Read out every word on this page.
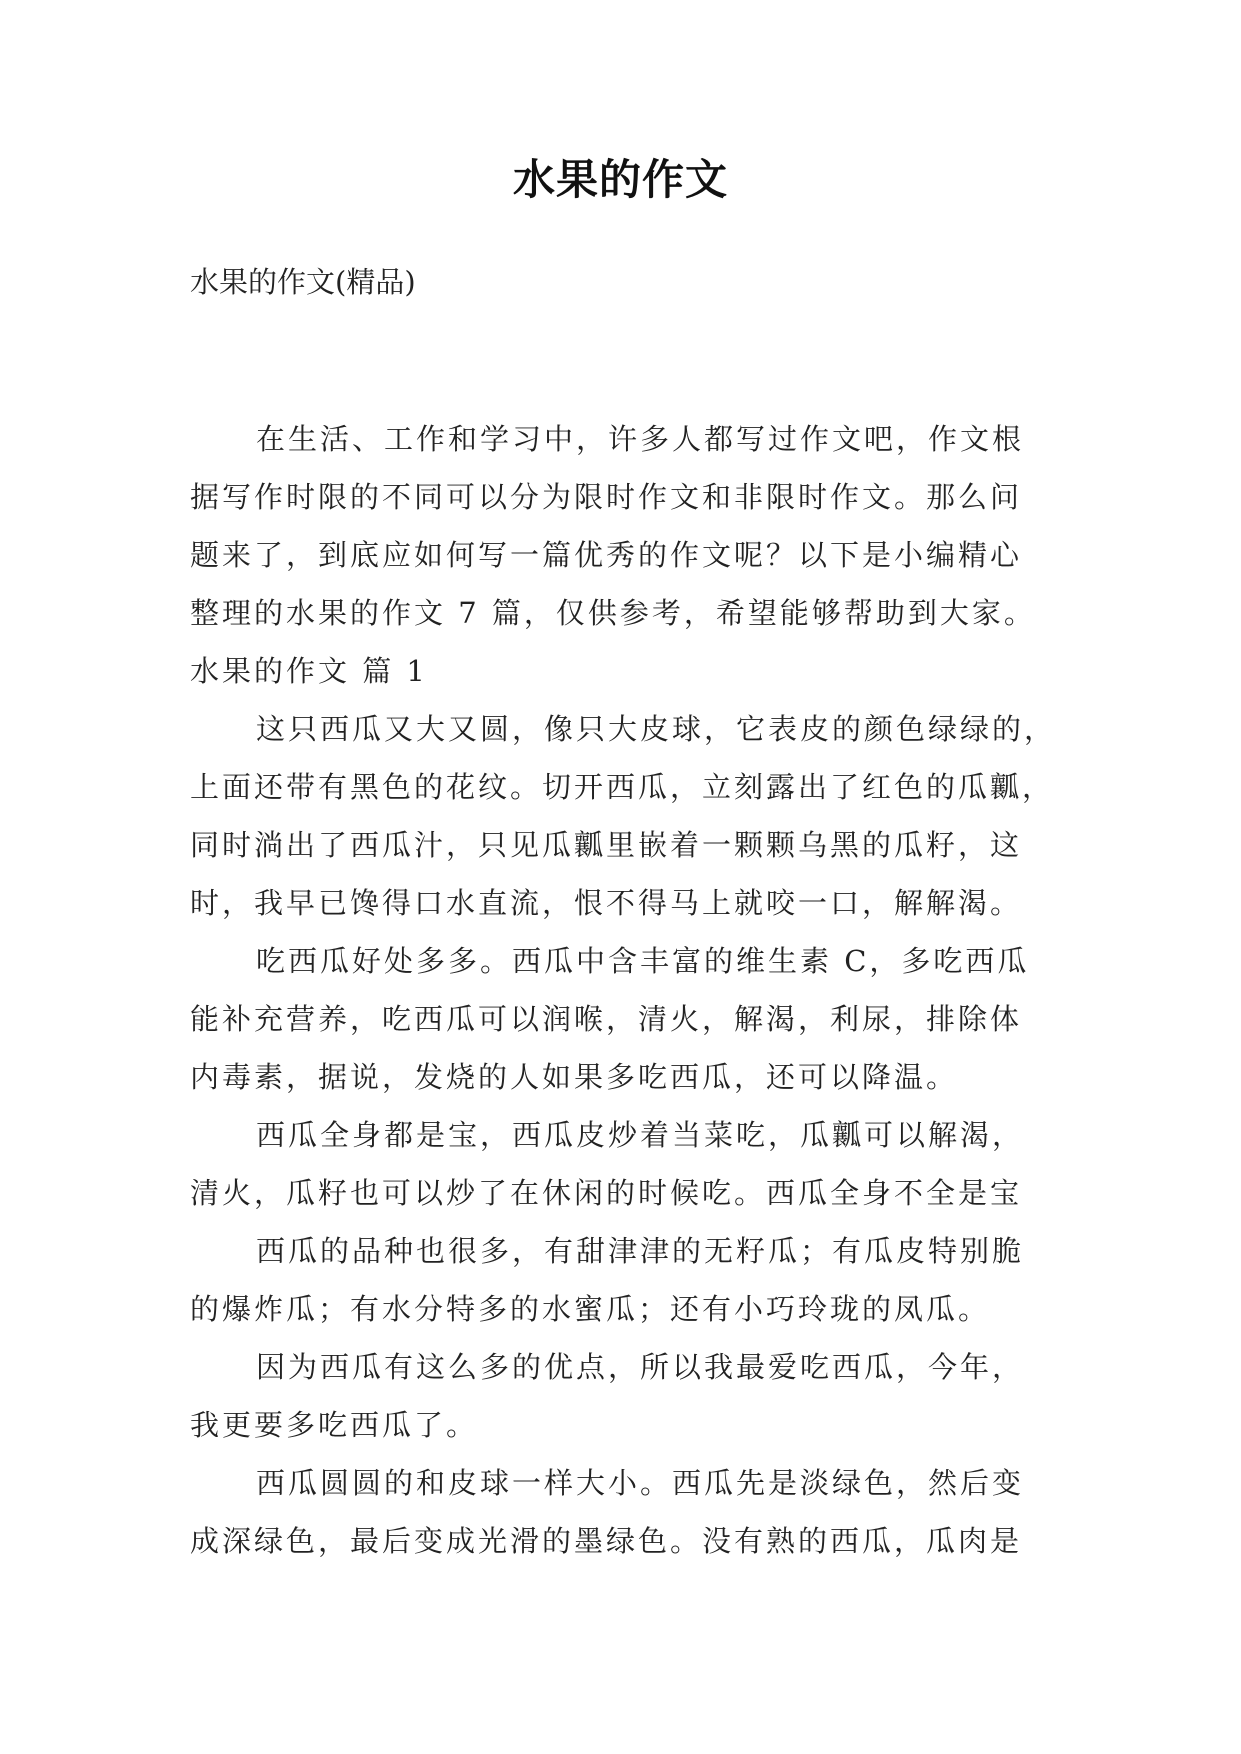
水果的作文
水果的作文(精品)
在生活、工作和学习中，许多人都写过作文吧，作文根
据写作时限的不同可以分为限时作文和非限时作文。那么问
题来了，到底应如何写一篇优秀的作文呢？以下是小编精心
整理的水果的作文 7 篇，仅供参考，希望能够帮助到大家。
水果的作文 篇 1
这只西瓜又大又圆，像只大皮球，它表皮的颜色绿绿的，
上面还带有黑色的花纹。切开西瓜，立刻露出了红色的瓜瓤，
同时淌出了西瓜汁，只见瓜瓤里嵌着一颗颗乌黑的瓜籽，这
时，我早已馋得口水直流，恨不得马上就咬一口，解解渴。
吃西瓜好处多多。西瓜中含丰富的维生素 C，多吃西瓜
能补充营养，吃西瓜可以润喉，清火，解渴，利尿，排除体
内毒素，据说，发烧的人如果多吃西瓜，还可以降温。
西瓜全身都是宝，西瓜皮炒着当菜吃，瓜瓤可以解渴，
清火，瓜籽也可以炒了在休闲的时候吃。西瓜全身不全是宝
西瓜的品种也很多，有甜津津的无籽瓜；有瓜皮特别脆
的爆炸瓜；有水分特多的水蜜瓜；还有小巧玲珑的凤瓜。
因为西瓜有这么多的优点，所以我最爱吃西瓜，今年，
我更要多吃西瓜了。
西瓜圆圆的和皮球一样大小。西瓜先是淡绿色，然后变
成深绿色，最后变成光滑的墨绿色。没有熟的西瓜，瓜肉是
